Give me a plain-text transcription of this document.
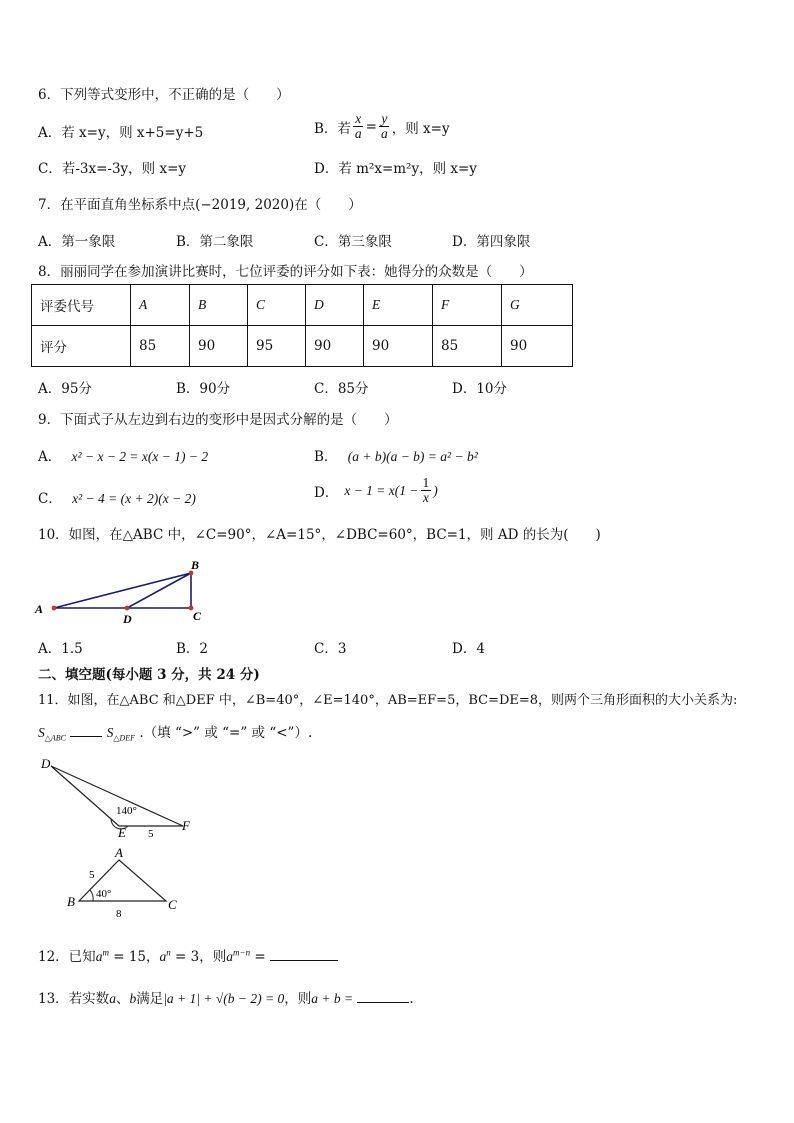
6．下列等式变形中，不正确的是（　　）
A．若 x=y，则 x+5=y+5	B．若 $\frac{x}{a} = \frac{y}{a}$ ，则 x=y
C．若-3x=-3y，则 x=y	D．若 m²x=m²y，则 x=y
7．在平面直角坐标系中点(−2019, 2020)在（　　）
A．第一象限	B．第二象限	C．第三象限	D．第四象限
8．丽丽同学在参加演讲比赛时，七位评委的评分如下表：她得分的众数是（　　）
评委代号	A	B	C	D	E	F	G
评分	85	90	95	90	90	85	90
A．95分	B．90分	C．85分	D．10分
9．下面式子从左边到右边的变形中是因式分解的是（　　）
A． x² − x − 2 = x(x − 1) − 2	B． (a + b)(a − b) = a² − b²
C． x² − 4 = (x + 2)(x − 2)	D． $x - 1 = x(1 - \frac{1}{x}$ )
10．如图，在△ABC 中，∠C=90°，∠A=15°，∠DBC=60°，BC=1，则 AD 的长为(　　)
A
B
C
D
A．1.5	B．2	C．3	D．4
二、填空题(每小题 3 分，共 24 分)
11．如图，在△ABC 和△DEF 中，∠B=40°，∠E=140°，AB=EF=5，BC=DE=8，则两个三角形面积的大小关系为:
$S_{\triangle ABC}$	$S_{\triangle DEF}$ .（填 “>” 或 “=” 或 “<”）.
D
E	F
140°
5
A
B	C
40°
5
8
12．已知$a^m = 15$，$a^n = 3$，则$a^{m-n}$ =
13．若实数a、b满足|a + 1| + √(b − 2) = 0，则a + b =	.
